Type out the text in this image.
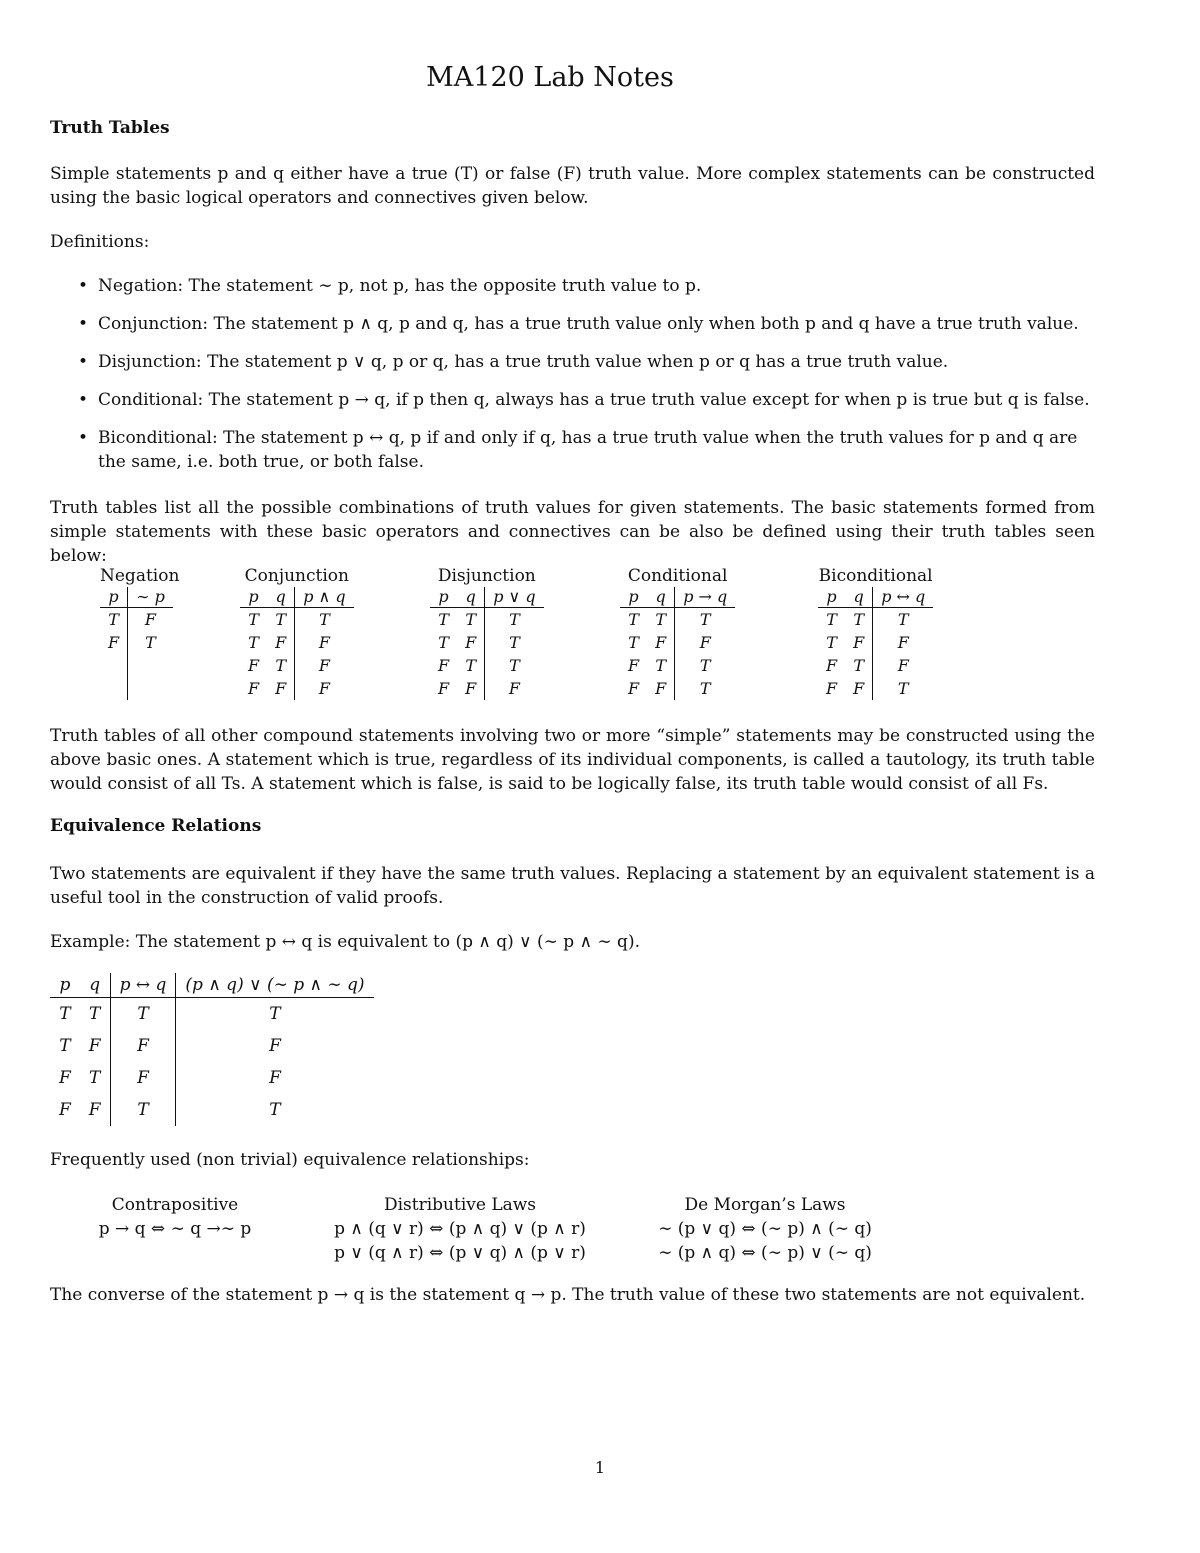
MA120 Lab Notes
Truth Tables
Simple statements p and q either have a true (T) or false (F) truth value. More complex statements can be constructed using the basic logical operators and connectives given below.
Definitions:
• Negation: The statement ∼ p, not p, has the opposite truth value to p.
• Conjunction: The statement p ∧ q, p and q, has a true truth value only when both p and q have a true truth value.
• Disjunction: The statement p ∨ q, p or q, has a true truth value when p or q has a true truth value.
• Conditional: The statement p → q, if p then q, always has a true truth value except for when p is true but q is false.
• Biconditional: The statement p ↔ q, p if and only if q, has a true truth value when the truth values for p and q are the same, i.e. both true, or both false.
Truth tables list all the possible combinations of truth values for given statements. The basic statements formed from simple statements with these basic operators and connectives can be also be defined using their truth tables seen below:
Negation
p	∼ p
T	F
F	T

Conjunction
p	q	p ∧ q
T	T	T
T	F	F
F	T	F
F	F	F
Disjunction
p	q	p ∨ q
T	T	T
T	F	T
F	T	T
F	F	F
Conditional
p	q	p → q
T	T	T
T	F	F
F	T	T
F	F	T
Biconditional
p	q	p ↔ q
T	T	T
T	F	F
F	T	F
F	F	T
Truth tables of all other compound statements involving two or more “simple” statements may be constructed using the above basic ones. A statement which is true, regardless of its individual components, is called a tautology, its truth table would consist of all Ts. A statement which is false, is said to be logically false, its truth table would consist of all Fs.
Equivalence Relations
Two statements are equivalent if they have the same truth values. Replacing a statement by an equivalent statement is a useful tool in the construction of valid proofs.
Example: The statement p ↔ q is equivalent to (p ∧ q) ∨ (∼ p ∧ ∼ q).
p	q	p ↔ q	(p ∧ q) ∨ (∼ p ∧ ∼ q)
T	T	T	T
T	F	F	F
F	T	F	F
F	F	T	T
Frequently used (non trivial) equivalence relationships:
Contrapositive
p → q ⇔ ∼ q →∼ p
Distributive Laws
p ∧ (q ∨ r) ⇔ (p ∧ q) ∨ (p ∧ r)
p ∨ (q ∧ r) ⇔ (p ∨ q) ∧ (p ∨ r)
De Morgan’s Laws
∼ (p ∨ q) ⇔ (∼ p) ∧ (∼ q)
∼ (p ∧ q) ⇔ (∼ p) ∨ (∼ q)
The converse of the statement p → q is the statement q → p. The truth value of these two statements are not equivalent.
1
